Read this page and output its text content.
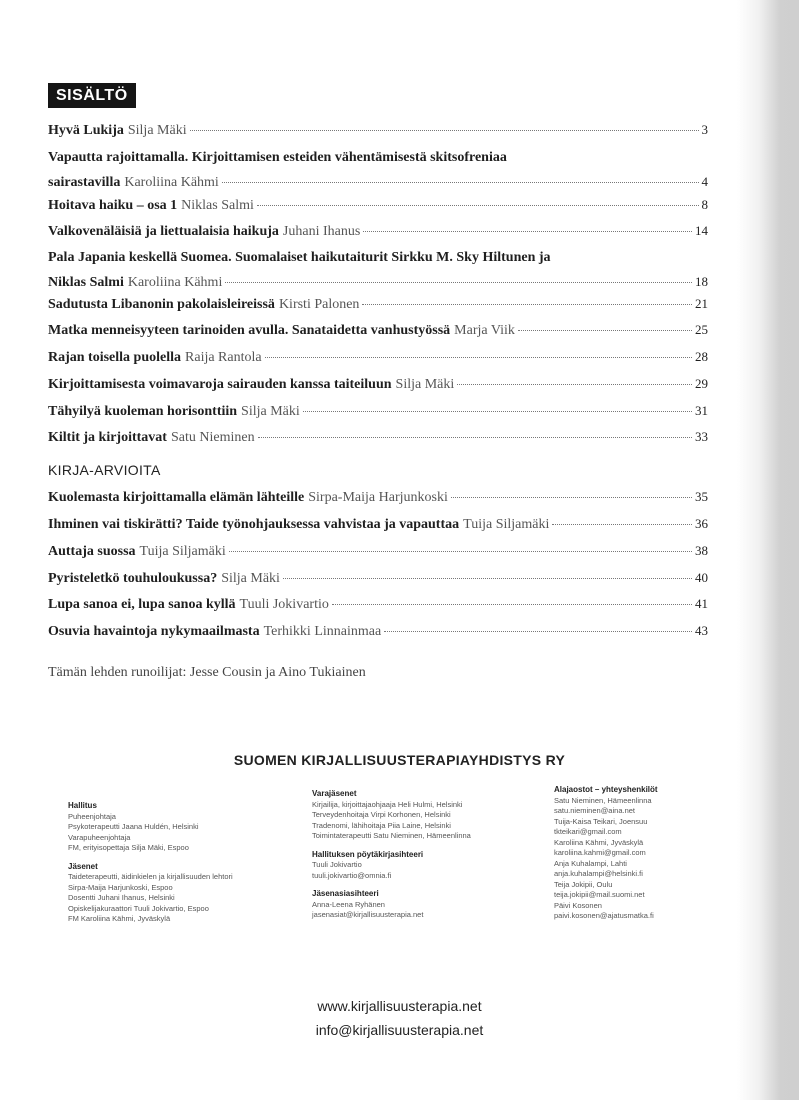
SISÄLTÖ
KIRJA-ARVIOITA
Tämän lehden runoilijat: Jesse Cousin ja Aino Tukiainen
SUOMEN KIRJALLISUUSTERAPIAYHDISTYS RY
www.kirjallisuusterapia.net
info@kirjallisuusterapia.net
Hyvä Lukija Silja Mäki	3
Vapautta rajoittamalla. Kirjoittamisen esteiden vähentämisestä skitsofreniaa
sairastavilla Karoliina Kähmi	4
Hoitava haiku – osa 1 Niklas Salmi	8
Valkovenäläisiä ja liettualaisia haikuja Juhani Ihanus	14
Pala Japania keskellä Suomea. Suomalaiset haikutaiturit Sirkku M. Sky Hiltunen ja
Niklas Salmi Karoliina Kähmi	18
Sadutusta Libanonin pakolaisleireissä Kirsti Palonen	21
Matka menneisyyteen tarinoiden avulla. Sanataidetta vanhustyössä Marja Viik	25
Rajan toisella puolella Raija Rantola	28
Kirjoittamisesta voimavaroja sairauden kanssa taiteiluun Silja Mäki	29
Tähyilyä kuoleman horisonttiin Silja Mäki	31
Kiltit ja kirjoittavat Satu Nieminen	33
Kuolemasta kirjoittamalla elämän lähteille Sirpa-Maija Harjunkoski	35
Ihminen vai tiskirätti? Taide työnohjauksessa vahvistaa ja vapauttaa Tuija Siljamäki	36
Auttaja suossa Tuija Siljamäki	38
Pyristeletkö touhuloukussa? Silja Mäki	40
Lupa sanoa ei, lupa sanoa kyllä Tuuli Jokivartio	41
Osuvia havaintoja nykymaailmasta Terhikki Linnainmaa	43
Hallitus
Puheenjohtaja
Psykoterapeutti Jaana Huldén, Helsinki
Varapuheenjohtaja
FM, erityisopettaja Silja Mäki, Espoo
Jäsenet
Taideterapeutti, äidinkielen ja kirjallisuuden lehtori
Sirpa-Maija Harjunkoski, Espoo
Dosentti Juhani Ihanus, Helsinki
Opiskelijakuraattori Tuuli Jokivartio, Espoo
FM Karoliina Kähmi, Jyväskylä
Varajäsenet
Kirjailija, kirjoittajaohjaaja Heli Hulmi, Helsinki
Terveydenhoitaja Virpi Korhonen, Helsinki
Tradenomi, lähihoitaja Piia Laine, Helsinki
Toimintaterapeutti Satu Nieminen, Hämeenlinna
Hallituksen pöytäkirjasihteeri
Tuuli Jokivartio
tuuli.jokivartio@omnia.fi
Jäsenasiasihteeri
Anna-Leena Ryhänen
jasenasiat@kirjallisuusterapia.net
Alajaostot – yhteyshenkilöt
Satu Nieminen, Hämeenlinna
satu.nieminen@aina.net
Tuija-Kaisa Teikari, Joensuu
tkteikari@gmail.com
Karoliina Kähmi, Jyväskylä
karoliina.kahmi@gmail.com
Anja Kuhalampi, Lahti
anja.kuhalampi@helsinki.fi
Teija Jokipii, Oulu
teija.jokipii@mail.suomi.net
Päivi Kosonen
paivi.kosonen@ajatusmatka.fi
